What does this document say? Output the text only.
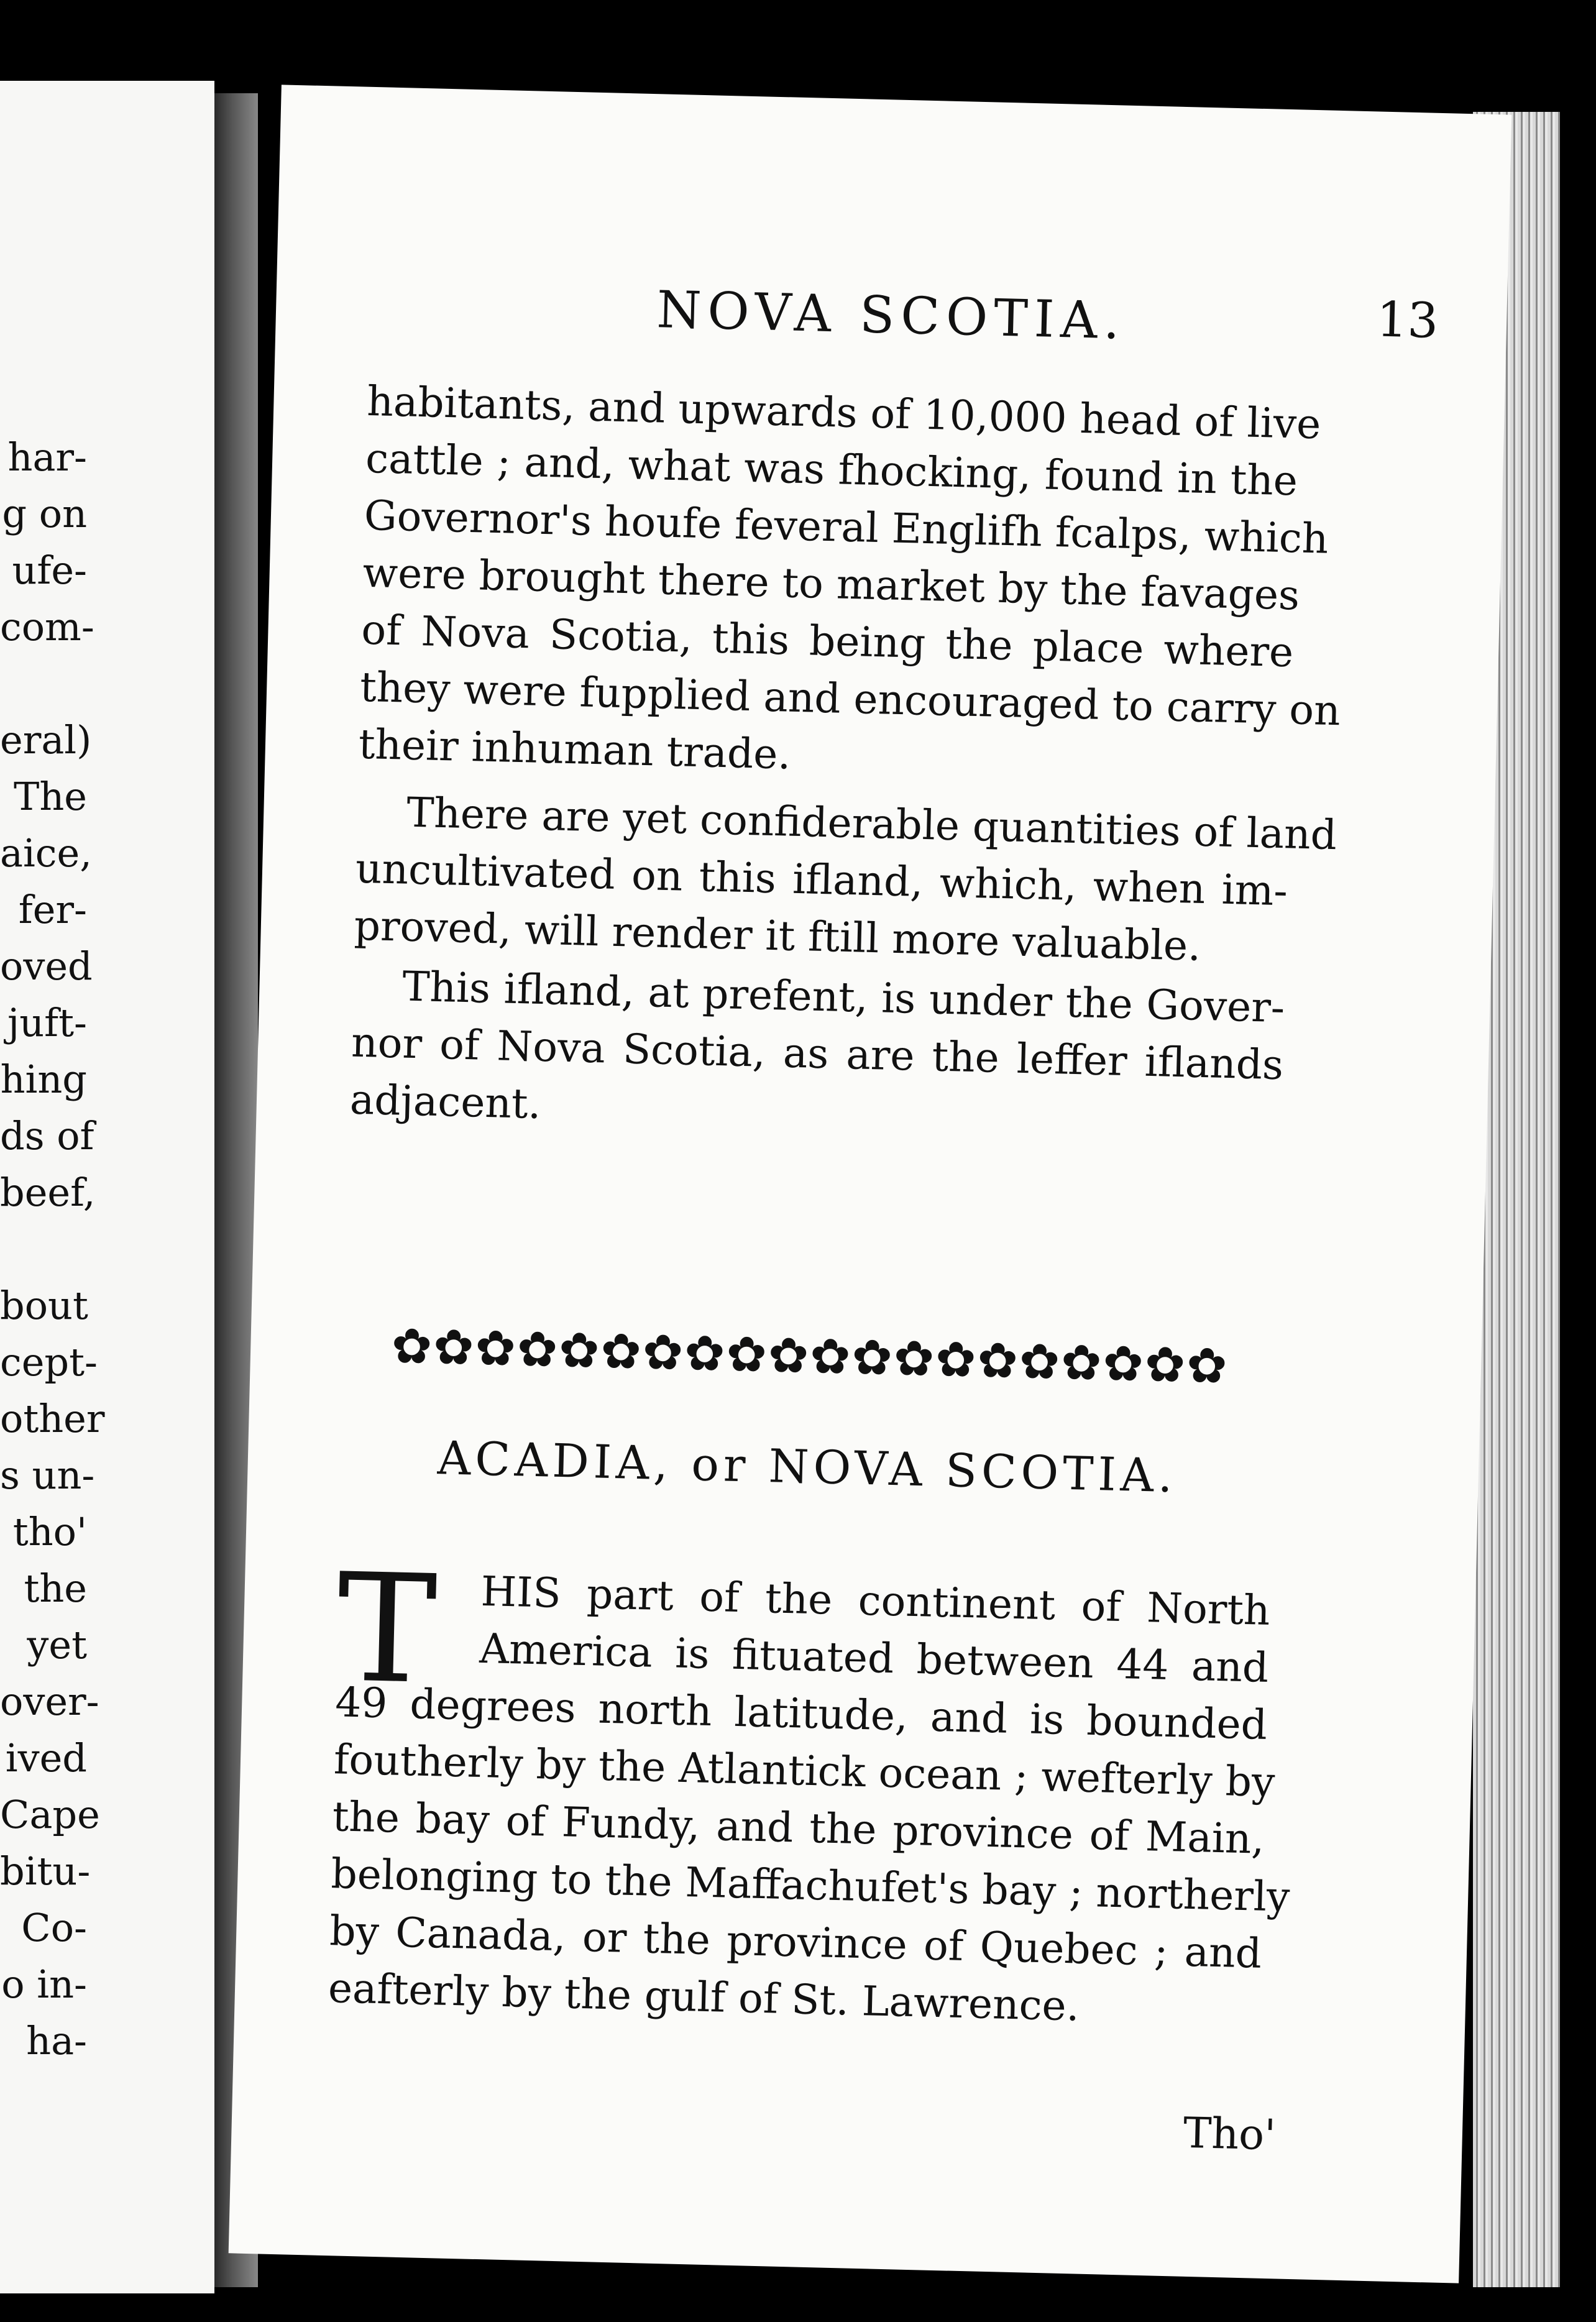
har-
g on
ufe-
com-
eral)
The
aice,
fer-
oved
juft-
hing
ds of
beef,
bout
cept-
other
s un-
tho'
the
yet
over-
ived
Cape
bitu-
Co-
o in-
ha-
NOVA SCOTIA.	13
habitants, and upwards of 10,000 head of live
cattle ; and, what was fhocking, found in the
Governor's houfe feveral Englifh fcalps, which
were brought there to market by the favages
of Nova Scotia, this being the place where
they were fupplied and encouraged to carry on
their inhuman trade.
There are yet confiderable quantities of land
uncultivated on this ifland, which, when im-
proved, will render it ftill more valuable.
This ifland, at prefent, is under the Gover-
nor of Nova Scotia, as are the leffer iflands
adjacent.
✿✿✿✿✿✿✿✿✿✿✿✿✿✿✿✿✿✿✿✿
ACADIA, or NOVA SCOTIA.
T	HIS part of the continent of North
America is fituated between 44 and
49 degrees north latitude, and is bounded
foutherly by the Atlantick ocean ; wefterly by
the bay of Fundy, and the province of Main,
belonging to the Maffachufet's bay ; northerly
by Canada, or the province of Quebec ; and
eafterly by the gulf of St. Lawrence.
Tho'
